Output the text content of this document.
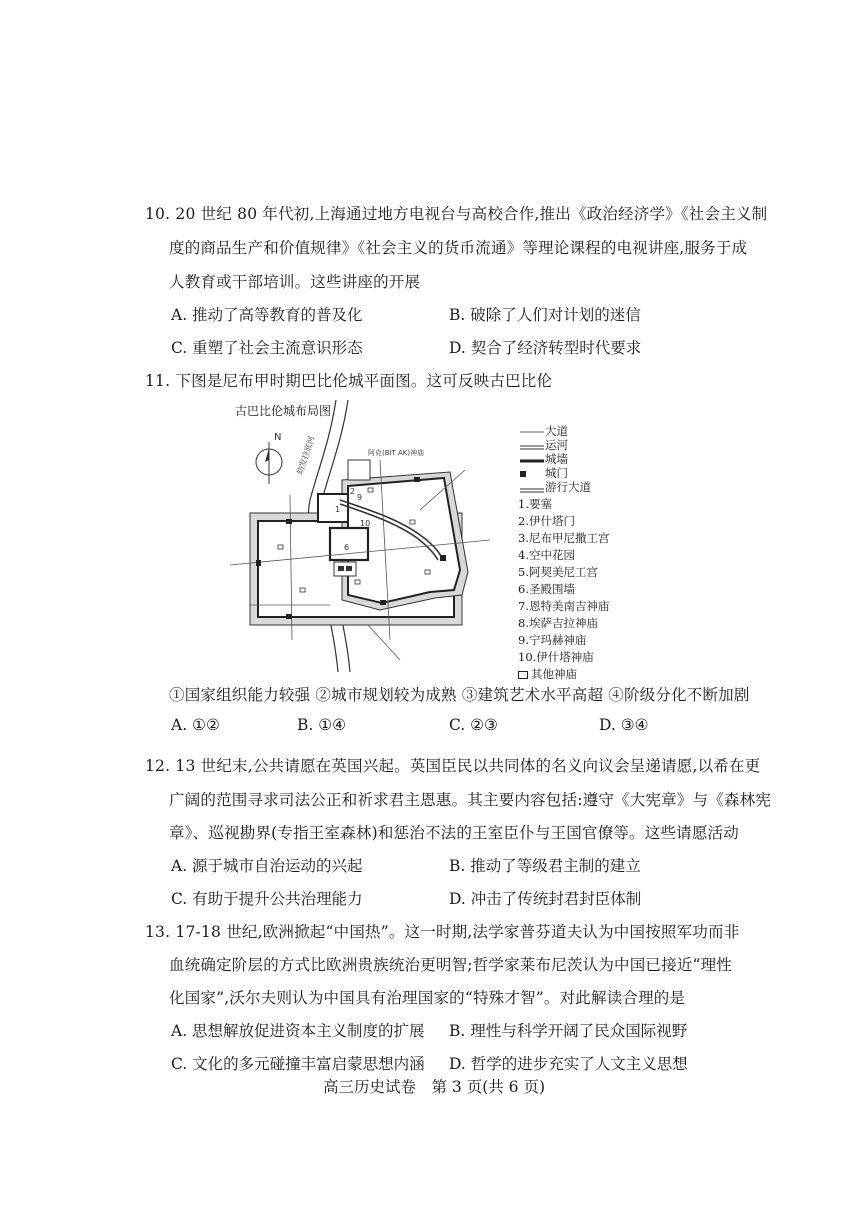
10. 20 世纪 80 年代初,上海通过地方电视台与高校合作,推出《政治经济学》《社会主义制
度的商品生产和价值规律》《社会主义的货币流通》等理论课程的电视讲座,服务于成
人教育或干部培训。这些讲座的开展
A. 推动了高等教育的普及化	B. 破除了人们对计划的迷信
C. 重塑了社会主流意识形态	D. 契合了经济转型时代要求
11. 下图是尼布甲时期巴比伦城平面图。这可反映古巴比伦
古巴比伦城布局图
N 幼发拉底河	阿克(BiT AK)神庙
1
9
10
6
2
大道
运河
城墙
城门
游行大道
1.要塞
2.伊什塔门
3.尼布甲尼撒工宫
4.空中花园
5.阿契美尼工宫
6.圣殿围墙
7.恩特美南吉神庙
8.埃萨吉拉神庙
9.宁玛赫神庙
10.伊什塔神庙
其他神庙
①国家组织能力较强 ②城市规划较为成熟 ③建筑艺术水平高超 ④阶级分化不断加剧
A. ①②	B. ①④	C. ②③	D. ③④
12. 13 世纪末,公共请愿在英国兴起。英国臣民以共同体的名义向议会呈递请愿,以希在更
广阔的范围寻求司法公正和祈求君主恩惠。其主要内容包括:遵守《大宪章》与《森林宪
章》、巡视勘界(专指王室森林)和惩治不法的王室臣仆与王国官僚等。这些请愿活动
A. 源于城市自治运动的兴起	B. 推动了等级君主制的建立
C. 有助于提升公共治理能力	D. 冲击了传统封君封臣体制
13. 17-18 世纪,欧洲掀起“中国热”。这一时期,法学家普芬道夫认为中国按照军功而非
血统确定阶层的方式比欧洲贵族统治更明智;哲学家莱布尼茨认为中国已接近“理性
化国家”,沃尔夫则认为中国具有治理国家的“特殊才智”。对此解读合理的是
A. 思想解放促进资本主义制度的扩展 B. 理性与科学开阔了民众国际视野
C. 文化的多元碰撞丰富启蒙思想内涵 D. 哲学的进步充实了人文主义思想
高三历史试卷　第 3 页(共 6 页)
